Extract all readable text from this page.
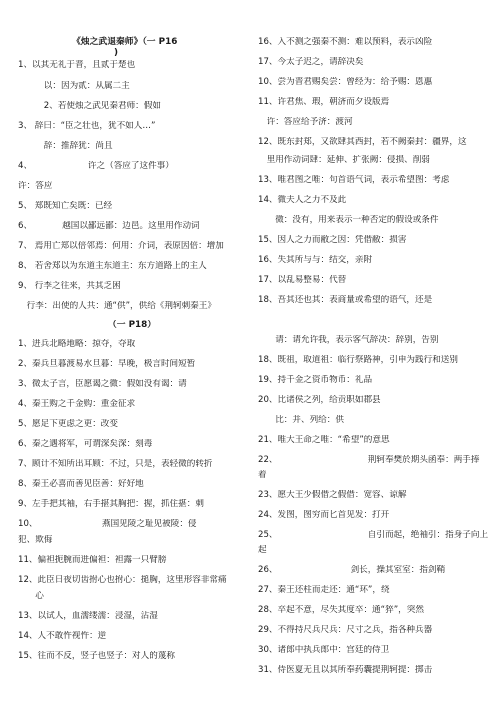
《烛之武退秦师》（一 P16
)

1、以其无礼于晋，且贰于楚也

　　　以：因为贰：从属二主

　　　2、若使烛之武见秦君师：假如

3、 辞曰：“臣之壮也，犹不如人…”

　　　辞：推辞犹：尚且

4、　　　　　　　许之（答应了这件事）

许：答应

5、 郑既知亡矣既：已经

6、　　　　越国以鄙远鄙：边邑。这里用作动词

7、 焉用亡郑以倍邻焉：何用：介词，表原因倍：增加

8、 若舍郑以为东道主东道主：东方道路上的主人

9、 行李之往来，共其乏困

　行李：出使的人共：通“供”，供给《荆轲刺秦王》

（一 P18）

1、进兵北略地略：掠夺，夺取

2、秦兵旦暮渡易水旦暮：早晚，极言时间短暂

3、微太子言，臣愿谒之微：假如没有谒：请

4、秦王购之千金购：重金征求

5、愿足下更虑之更：改变

6、秦之遇将军，可谓深矣深：刻毒

7、顾计不知所出耳顾：不过，只是，表轻微的转折

8、秦王必喜而善见臣善：好好地

9、左手把其袖，右手揕其胸把：握，抓住揕：刺

10、　　　　　　　　燕国见陵之耻见被陵：侵

犯、欺侮

11、偏袒扼腕而进偏袒：袒露一只臂膀

12、此臣日夜切齿拊心也拊心：搥胸，这里形容非常痛

　　心

13、以试人，血濡缕濡：浸湿，沾湿

14、人不敢忤视忤：逆

15、往而不反，竖子也竖子：对人的蔑称

16、入不测之强秦不测：难以预料，表示凶险

17、今太子迟之，请辞决矣

10、尝为晋君赐矣尝：曾经为：给予赐：恩惠

11、许君焦、瑕，朝济而夕设版焉

　许：答应给予济：渡河

12、既东封郑，又欲肆其西封，若不阙秦封：疆界，这

　里用作动词肆：延伸、扩张阙：侵损、削弱

13、唯君图之唯：句首语气词，表示希望图：考虑

14、微夫人之力不及此

　　微：没有，用来表示一种否定的假设或条件

15、因人之力而敝之因：凭借敝：损害

16、失其所与与：结交，亲附

17、以乱易整易：代替

18、吾其还也其：表商量或希望的语气，还是

　　请：请允许我，表示客气辞决：辞别，告别

18、既祖，取道祖：临行祭路神，引申为践行和送别

19、持千金之资币物币：礼品

20、比诸侯之列，给贡职如郡县

　　比：并、列给：供

21、唯大王命之唯：“希望”的意思

22、　　　　　　　　　　　荆轲奉樊於期头函奉：两手捧

着

23、愿大王少假借之假借：宽容、谅解

24、发图，图穷而匕首见发：打开

25、　　　　　　　　　　　自引而起，绝袖引：指身子向上

起

26、　　　　　　　　　剑长，操其室室：指剑鞘

27、秦王还柱而走还：通“环”，绕

28、卒起不意，尽失其度卒：通“猝”，突然

29、不得持尺兵尺兵：尺寸之兵，指各种兵器

30、诸郎中执兵郎中：宫廷的侍卫

31、侍医夏无且以其所奉药囊提荆轲提：掷击
